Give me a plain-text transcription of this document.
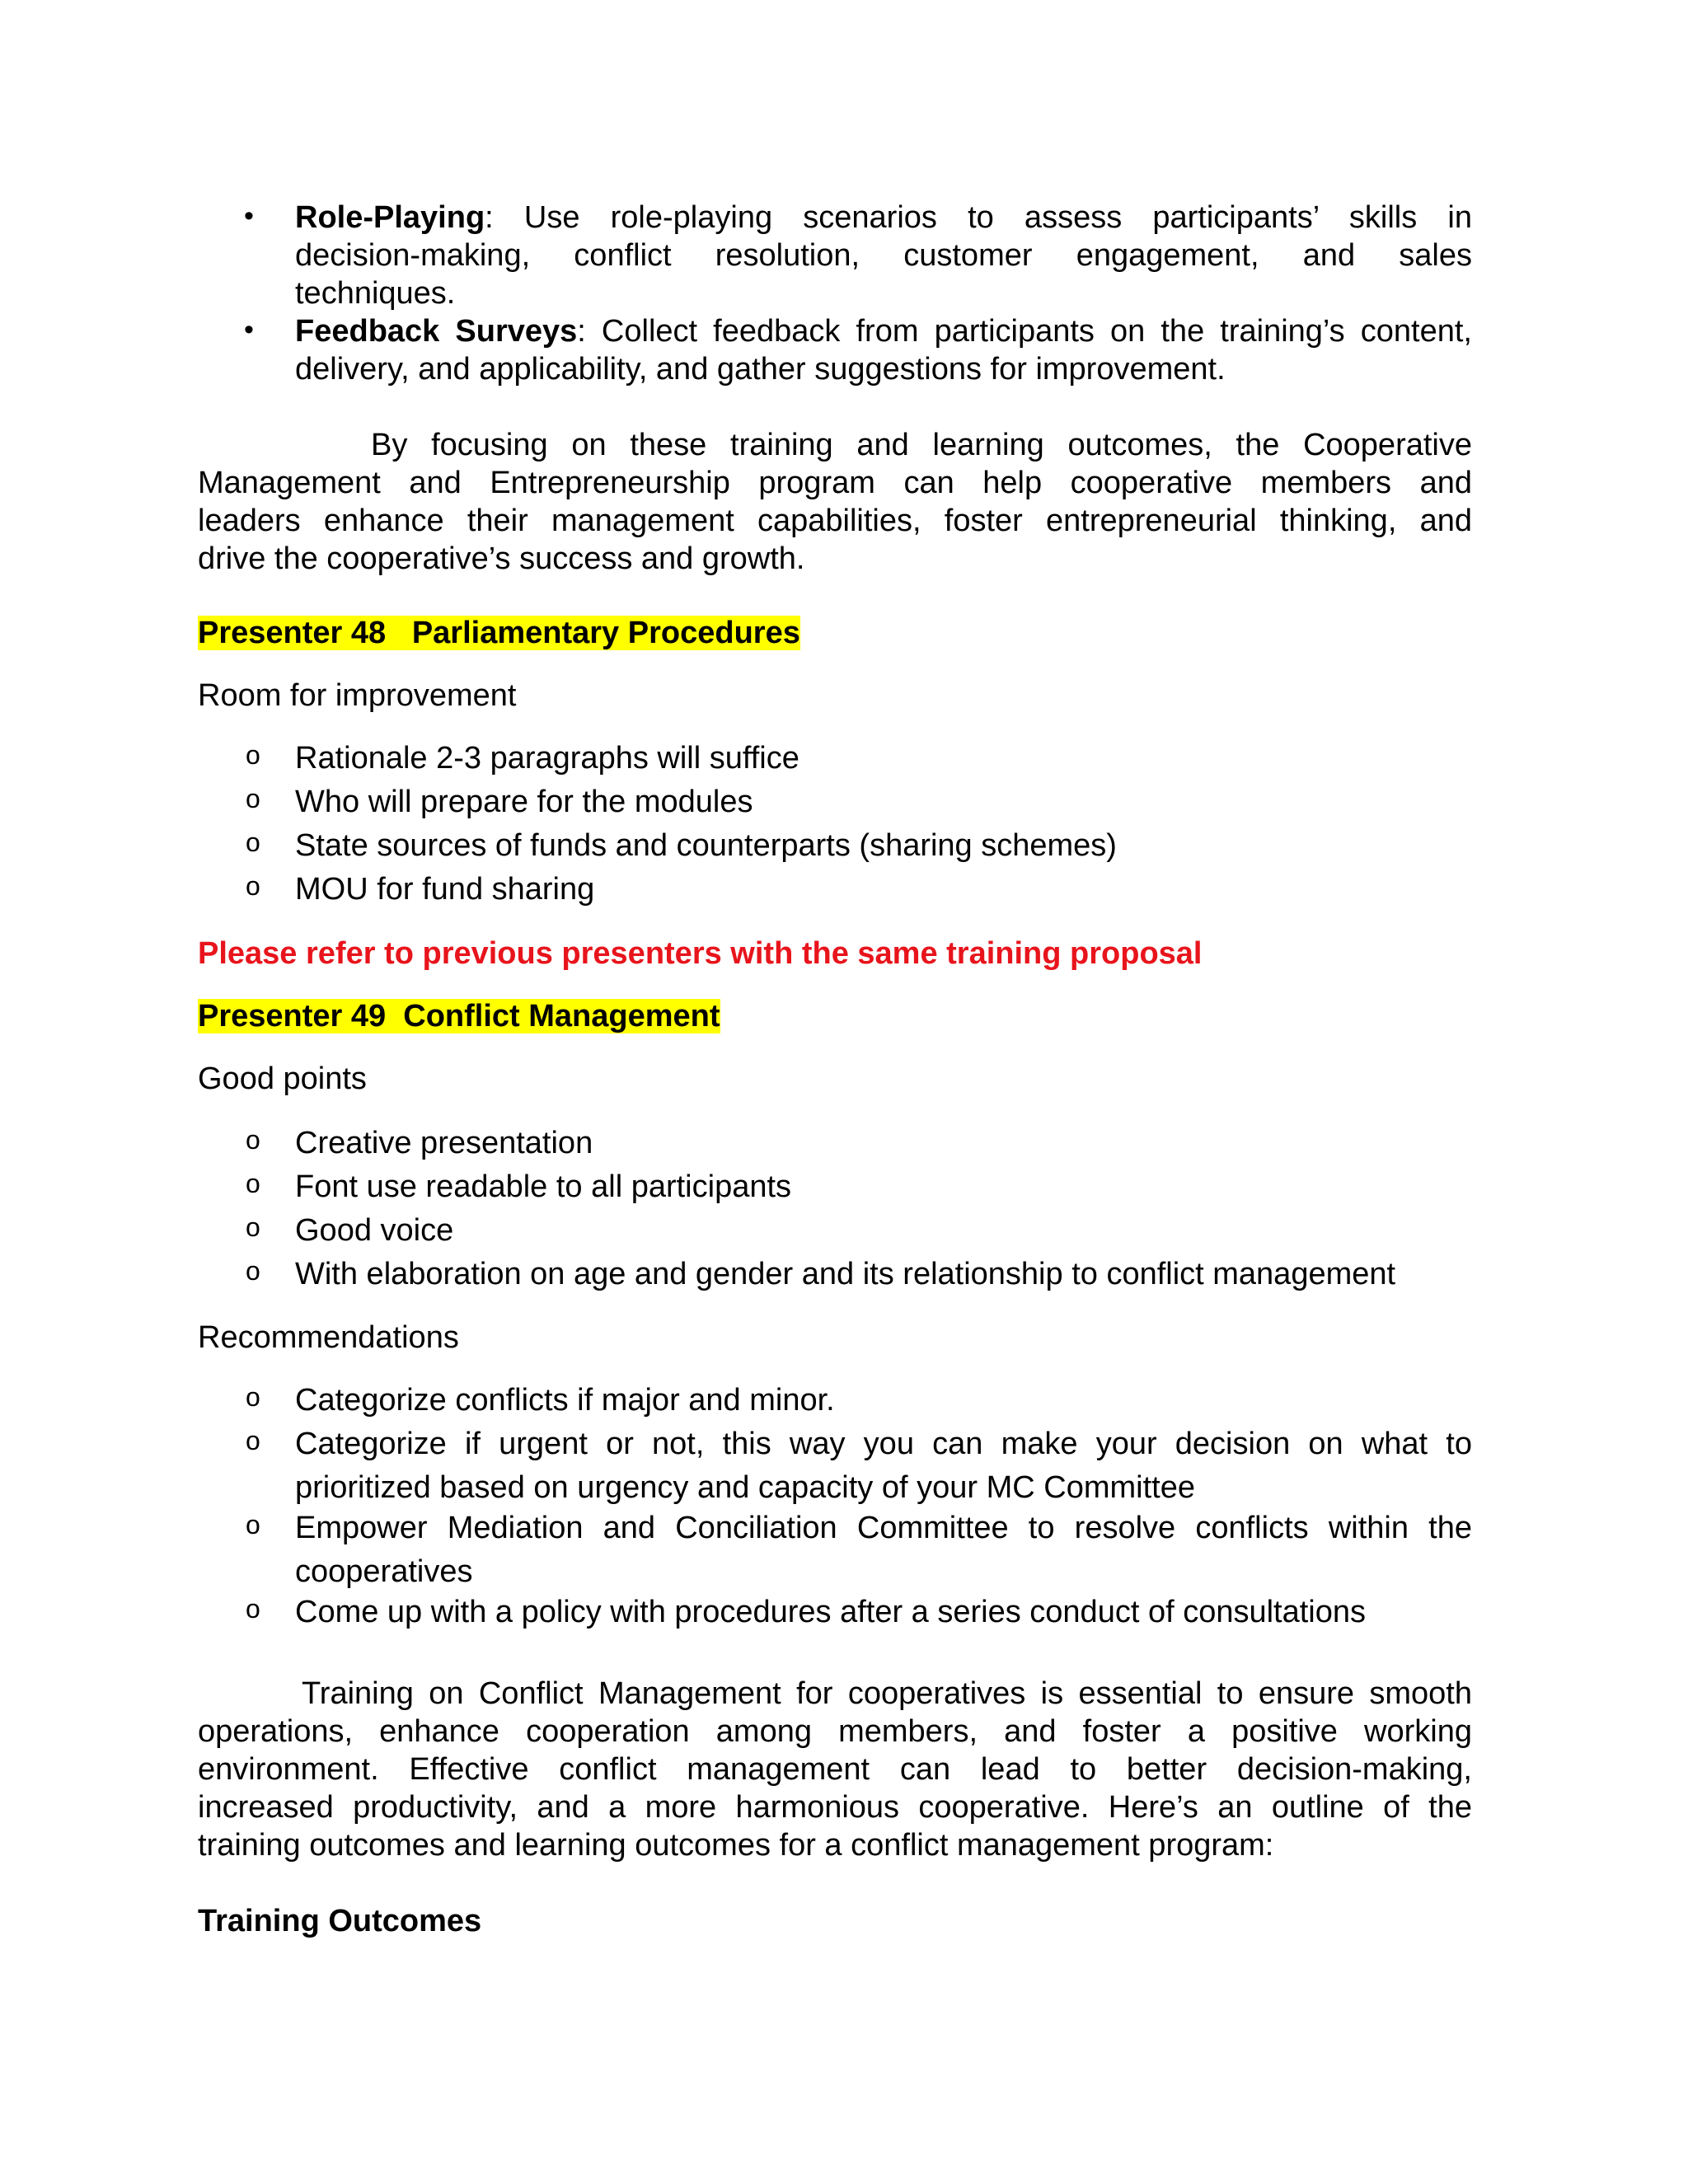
• Role-Playing: Use role-playing scenarios to assess participants’ skills in
decision-making, conflict resolution, customer engagement, and sales
techniques.
• Feedback Surveys: Collect feedback from participants on the training’s content,
delivery, and applicability, and gather suggestions for improvement.
By focusing on these training and learning outcomes, the Cooperative
Management and Entrepreneurship program can help cooperative members and
leaders enhance their management capabilities, foster entrepreneurial thinking, and
drive the cooperative’s success and growth.
Presenter 48   Parliamentary Procedures
Room for improvement
o Rationale 2-3 paragraphs will suffice
o Who will prepare for the modules
o State sources of funds and counterparts (sharing schemes)
o MOU for fund sharing
Please refer to previous presenters with the same training proposal
Presenter 49  Conflict Management
Good points
o Creative presentation
o Font use readable to all participants
o Good voice
o With elaboration on age and gender and its relationship to conflict management
Recommendations
o Categorize conflicts if major and minor.
o Categorize if urgent or not, this way you can make your decision on what to
prioritized based on urgency and capacity of your MC Committee
o Empower Mediation and Conciliation Committee to resolve conflicts within the
cooperatives
o Come up with a policy with procedures after a series conduct of consultations
Training on Conflict Management for cooperatives is essential to ensure smooth
operations, enhance cooperation among members, and foster a positive working
environment. Effective conflict management can lead to better decision-making,
increased productivity, and a more harmonious cooperative. Here’s an outline of the
training outcomes and learning outcomes for a conflict management program:
Training Outcomes
